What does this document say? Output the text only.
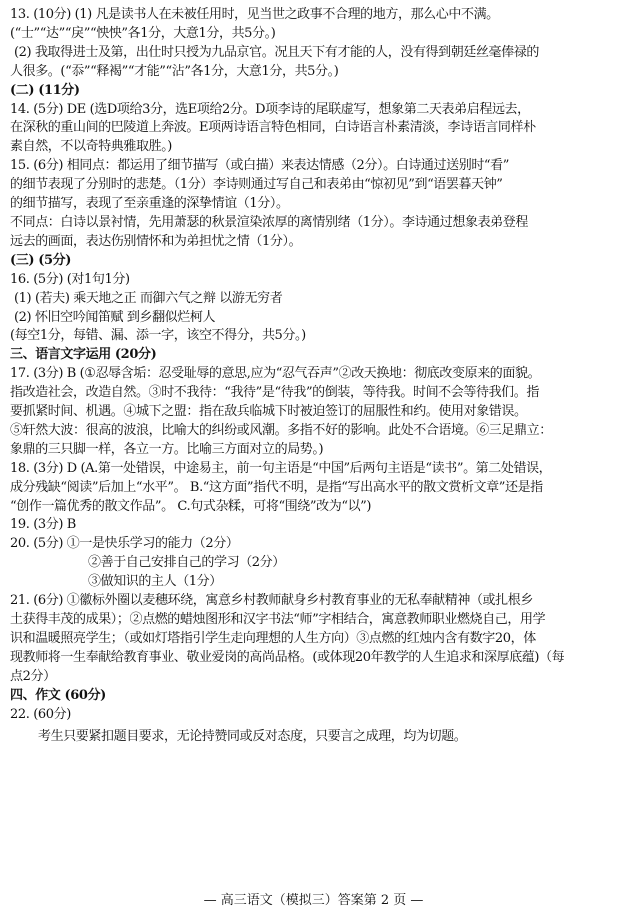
13. (10分) (1) 凡是读书人在未被任用时，见当世之政事不合理的地方，那么心中不满。
(“士”“达”“戾”“怏怏”各1分，大意1分，共5分。)
(2) 我取得进士及第，出仕时只授为九品京官。况且天下有才能的人，没有得到朝廷丝毫俸禄的
人很多。(“忝”“释褐”“才能”“沾”各1分，大意1分，共5分。)
(二) (11分)
14. (5分) DE (选D项给3分，选E项给2分。D项李诗的尾联虚写，想象第二天表弟启程远去，
在深秋的重山间的巴陵道上奔波。E项两诗语言特色相同，白诗语言朴素清淡，李诗语言同样朴
素自然，不以奇特典雅取胜。)
15. (6分) 相同点：都运用了细节描写（或白描）来表达情感（2分）。白诗通过送别时“看”
的细节表现了分别时的悲楚。（1分）李诗则通过写自己和表弟由“惊初见”到“语罢暮天钟”
的细节描写，表现了至亲重逢的深挚情谊（1分）。
不同点：白诗以景衬情，先用萧瑟的秋景渲染浓厚的离情别绪（1分）。李诗通过想象表弟登程
远去的画面，表达伤别情怀和为弟担忧之情（1分）。
(三) (5分)
16. (5分) (对1句1分)
(1) (若夫) 乘天地之正 而御六气之辩 以游无穷者
(2) 怀旧空吟闻笛赋 到乡翻似烂柯人
(每空1分，每错、漏、添一字，该空不得分，共5分。)
三、语言文字运用 (20分)
17. (3分) B (①忍辱含垢：忍受耻辱的意思,应为“忍气吞声”②改天换地：彻底改变原来的面貌。
指改造社会，改造自然。③时不我待：“我待”是“待我”的倒装，等待我。时间不会等待我们。指
要抓紧时间、机遇。④城下之盟：指在敌兵临城下时被迫签订的屈服性和约。使用对象错误。
⑤轩然大波：很高的波浪，比喻大的纠纷或风潮。多指不好的影响。此处不合语境。⑥三足鼎立：
象鼎的三只脚一样，各立一方。比喻三方面对立的局势。)
18. (3分) D (A.第一处错误，中途易主，前一句主语是“中国”后两句主语是“读书”。第二处错误，
成分残缺“阅读”后加上“水平”。 B.“这方面”指代不明，是指“写出高水平的散文赏析文章”还是指
“创作一篇优秀的散文作品”。 C.句式杂糅，可将“围绕”改为“以”)
19. (3分) B
20. (5分) ①一是快乐学习的能力（2分）
②善于自己安排自己的学习（2分）
③做知识的主人（1分）
21. (6分) ①徽标外圈以麦穗环绕，寓意乡村教师献身乡村教育事业的无私奉献精神（或扎根乡
土获得丰茂的成果）；②点燃的蜡烛图形和汉字书法“师”字相结合，寓意教师职业燃烧自己，用学
识和温暖照亮学生；（或如灯塔指引学生走向理想的人生方向）③点燃的红烛内含有数字20，体
现教师将一生奉献给教育事业、敬业爱岗的高尚品格。(或体现20年教学的人生追求和深厚底蕴)（每
点2分）
四、作文 (60分)
22. (60分)
考生只要紧扣题目要求，无论持赞同或反对态度，只要言之成理，均为切题。
— 高三语文（模拟三）答案第 2 页 —
